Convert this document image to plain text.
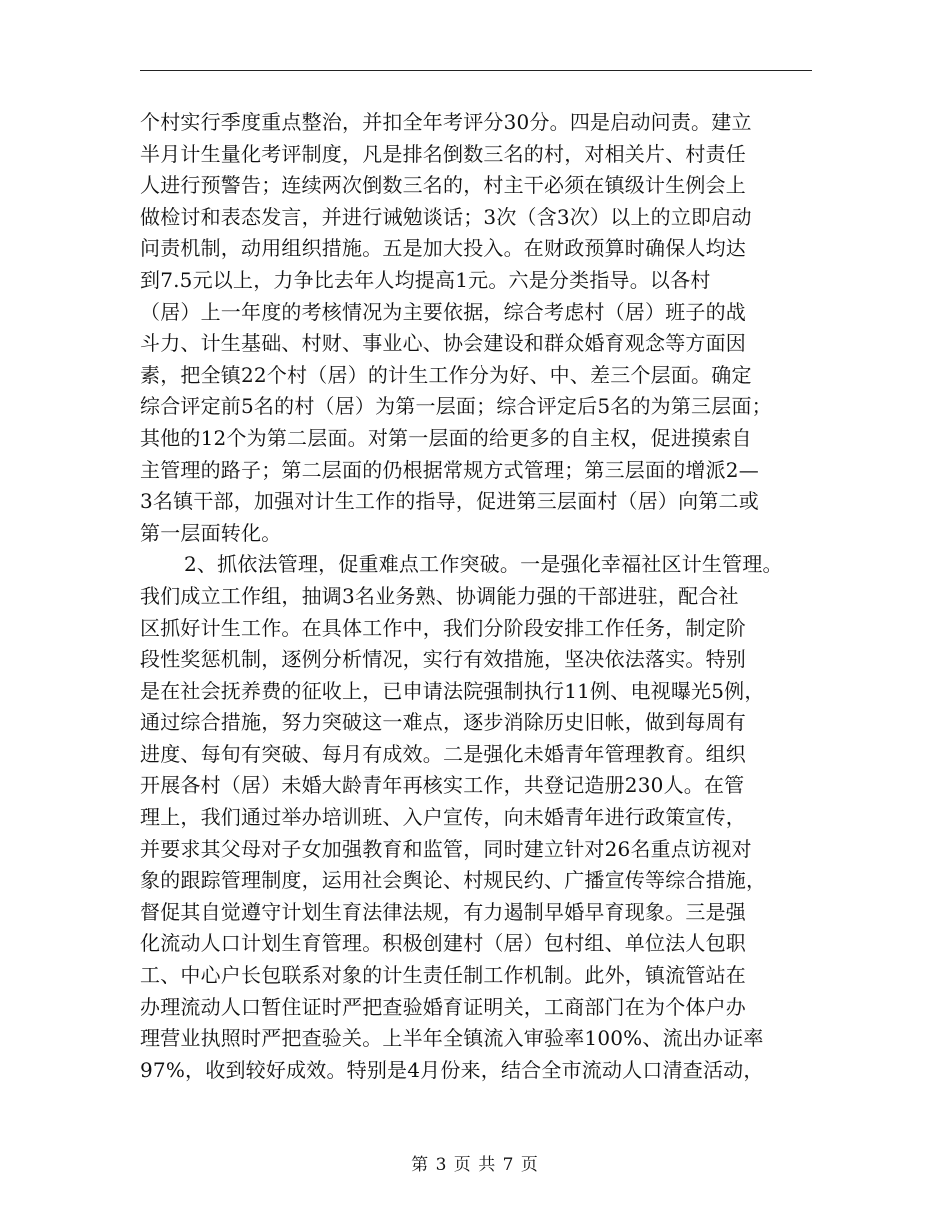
个村实行季度重点整治，并扣全年考评分30分。四是启动问责。建立
半月计生量化考评制度，凡是排名倒数三名的村，对相关片、村责任
人进行预警告；连续两次倒数三名的，村主干必须在镇级计生例会上
做检讨和表态发言，并进行诫勉谈话；3次（含3次）以上的立即启动
问责机制，动用组织措施。五是加大投入。在财政预算时确保人均达
到7.5元以上，力争比去年人均提高1元。六是分类指导。以各村
（居）上一年度的考核情况为主要依据，综合考虑村（居）班子的战
斗力、计生基础、村财、事业心、协会建设和群众婚育观念等方面因
素，把全镇22个村（居）的计生工作分为好、中、差三个层面。确定
综合评定前5名的村（居）为第一层面；综合评定后5名的为第三层面；
其他的12个为第二层面。对第一层面的给更多的自主权，促进摸索自
主管理的路子；第二层面的仍根据常规方式管理；第三层面的增派2—
3名镇干部，加强对计生工作的指导，促进第三层面村（居）向第二或
第一层面转化。
2、抓依法管理，促重难点工作突破。一是强化幸福社区计生管理。
我们成立工作组，抽调3名业务熟、协调能力强的干部进驻，配合社
区抓好计生工作。在具体工作中，我们分阶段安排工作任务，制定阶
段性奖惩机制，逐例分析情况，实行有效措施，坚决依法落实。特别
是在社会抚养费的征收上，已申请法院强制执行11例、电视曝光5例，
通过综合措施，努力突破这一难点，逐步消除历史旧帐，做到每周有
进度、每旬有突破、每月有成效。二是强化未婚青年管理教育。组织
开展各村（居）未婚大龄青年再核实工作，共登记造册230人。在管
理上，我们通过举办培训班、入户宣传，向未婚青年进行政策宣传，
并要求其父母对子女加强教育和监管，同时建立针对26名重点访视对
象的跟踪管理制度，运用社会舆论、村规民约、广播宣传等综合措施，
督促其自觉遵守计划生育法律法规，有力遏制早婚早育现象。三是强
化流动人口计划生育管理。积极创建村（居）包村组、单位法人包职
工、中心户长包联系对象的计生责任制工作机制。此外，镇流管站在
办理流动人口暂住证时严把查验婚育证明关，工商部门在为个体户办
理营业执照时严把查验关。上半年全镇流入审验率100%、流出办证率
97%，收到较好成效。特别是4月份来，结合全市流动人口清查活动，
第 3 页 共 7 页
